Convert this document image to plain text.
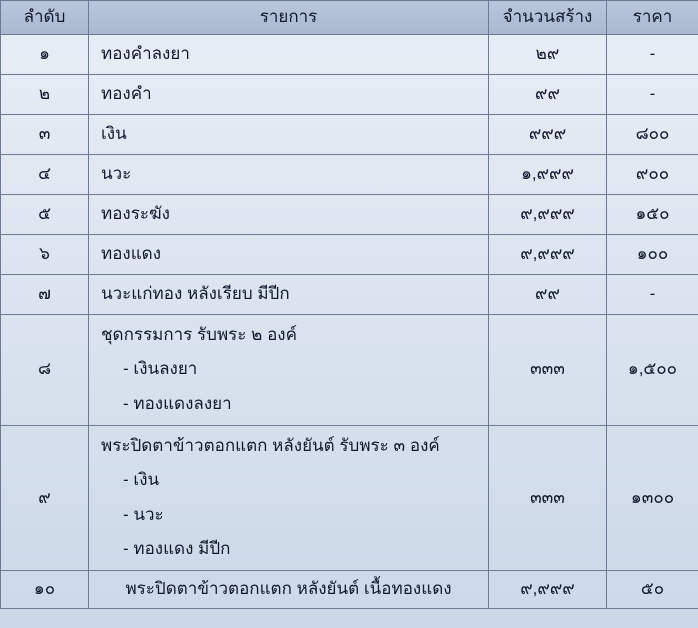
ลำดับ	รายการ	จำนวนสร้าง	ราคา
๑	ทองคำลงยา	๒๙	-
๒	ทองคำ	๙๙	-
๓	เงิน	๙๙๙	๘๐๐
๔	นวะ	๑,๙๙๙	๙๐๐
๕	ทองระฆัง	๙,๙๙๙	๑๕๐
๖	ทองแดง	๙,๙๙๙	๑๐๐
๗	นวะแก่ทอง หลังเรียบ มีปีก	๙๙	-
๘	ชุดกรรมการ รับพระ ๒ องค์
- เงินลงยา
- ทองแดงลงยา	๓๓๓	๑,๕๐๐
๙	พระปิดตาข้าวตอกแตก หลังยันต์ รับพระ ๓ องค์
- เงิน
- นวะ
- ทองแดง มีปีก	๓๓๓	๑๓๐๐
๑๐	พระปิดตาข้าวตอกแตก หลังยันต์ เนื้อทองแดง	๙,๙๙๙	๕๐
